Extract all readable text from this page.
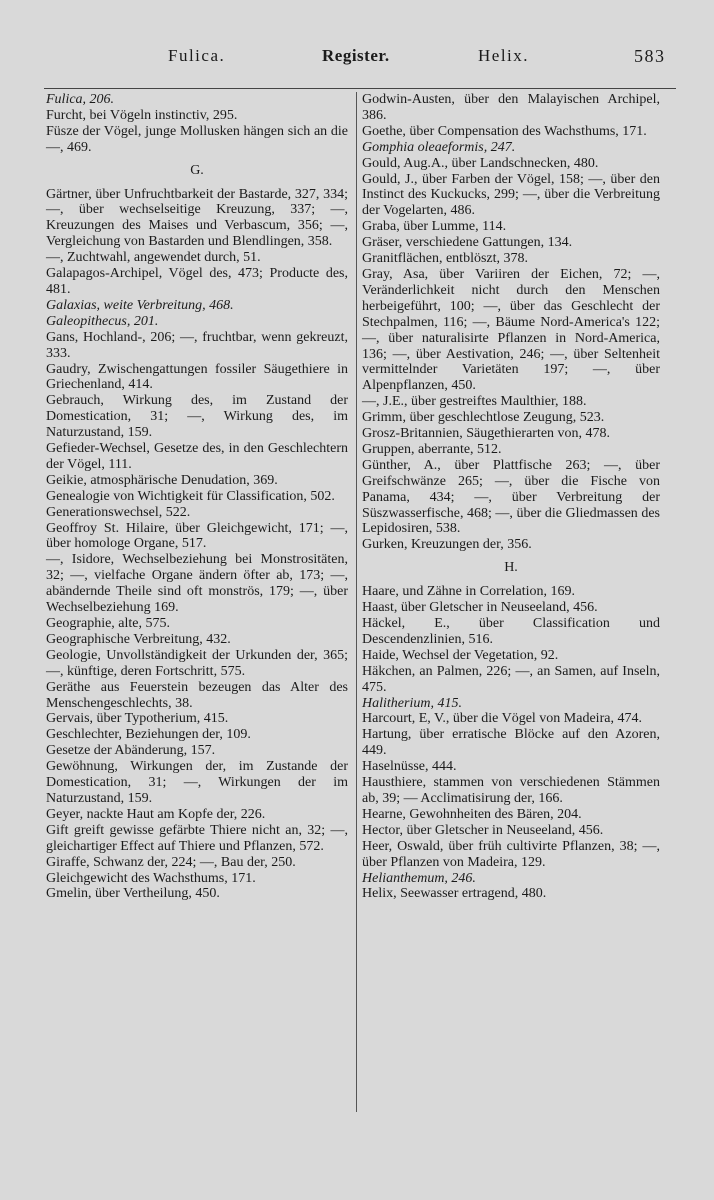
Fulica.	Register.	Helix.	583
Fulica, 206.
Furcht, bei Vögeln instinctiv, 295.
Füsze der Vögel, junge Mollusken hängen sich an die —, 469.
G.
Gärtner, über Unfruchtbarkeit der Bastarde, 327, 334; —, über wechselseitige Kreuzung, 337; —, Kreuzungen des Maises und Verbascum, 356; —, Vergleichung von Bastarden und Blendlingen, 358.
—, Zuchtwahl, angewendet durch, 51.
Galapagos-Archipel, Vögel des, 473; Producte des, 481.
Galaxias, weite Verbreitung, 468.
Galeopithecus, 201.
Gans, Hochland-, 206; —, fruchtbar, wenn gekreuzt, 333.
Gaudry, Zwischengattungen fossiler Säugethiere in Griechenland, 414.
Gebrauch, Wirkung des, im Zustand der Domestication, 31; —, Wirkung des, im Naturzustand, 159.
Gefieder-Wechsel, Gesetze des, in den Geschlechtern der Vögel, 111.
Geikie, atmosphärische Denudation, 369.
Genealogie von Wichtigkeit für Classification, 502.
Generationswechsel, 522.
Geoffroy St. Hilaire, über Gleichgewicht, 171; —, über homologe Organe, 517.
—, Isidore, Wechselbeziehung bei Monstrositäten, 32; —, vielfache Organe ändern öfter ab, 173; —, abändernde Theile sind oft monströs, 179; —, über Wechselbeziehung 169.
Geographie, alte, 575.
Geographische Verbreitung, 432.
Geologie, Unvollständigkeit der Urkunden der, 365; —, künftige, deren Fortschritt, 575.
Geräthe aus Feuerstein bezeugen das Alter des Menschengeschlechts, 38.
Gervais, über Typotherium, 415.
Geschlechter, Beziehungen der, 109.
Gesetze der Abänderung, 157.
Gewöhnung, Wirkungen der, im Zustande der Domestication, 31; —, Wirkungen der im Naturzustand, 159.
Geyer, nackte Haut am Kopfe der, 226.
Gift greift gewisse gefärbte Thiere nicht an, 32; —, gleichartiger Effect auf Thiere und Pflanzen, 572.
Giraffe, Schwanz der, 224; —, Bau der, 250.
Gleichgewicht des Wachsthums, 171.
Gmelin, über Vertheilung, 450.
Godwin-Austen, über den Malayischen Archipel, 386.
Goethe, über Compensation des Wachsthums, 171.
Gomphia oleaeformis, 247.
Gould, Aug.A., über Landschnecken, 480.
Gould, J., über Farben der Vögel, 158; —, über den Instinct des Kuckucks, 299; —, über die Verbreitung der Vogelarten, 486.
Graba, über Lumme, 114.
Gräser, verschiedene Gattungen, 134.
Granitflächen, entblöszt, 378.
Gray, Asa, über Variiren der Eichen, 72; —, Veränderlichkeit nicht durch den Menschen herbeigeführt, 100; —, über das Geschlecht der Stechpalmen, 116; —, Bäume Nord-America's 122; —, über naturalisirte Pflanzen in Nord-America, 136; —, über Aestivation, 246; —, über Seltenheit vermittelnder Varietäten 197; —, über Alpenpflanzen, 450.
—, J.E., über gestreiftes Maulthier, 188.
Grimm, über geschlechtlose Zeugung, 523.
Grosz-Britannien, Säugethierarten von, 478.
Gruppen, aberrante, 512.
Günther, A., über Plattfische 263; —, über Greifschwänze 265; —, über die Fische von Panama, 434; —, über Verbreitung der Süszwasserfische, 468; —, über die Gliedmassen des Lepidosiren, 538.
Gurken, Kreuzungen der, 356.
H.
Haare, und Zähne in Correlation, 169.
Haast, über Gletscher in Neuseeland, 456.
Häckel, E., über Classification und Descendenzlinien, 516.
Haide, Wechsel der Vegetation, 92.
Häkchen, an Palmen, 226; —, an Samen, auf Inseln, 475.
Halitherium, 415.
Harcourt, E, V., über die Vögel von Madeira, 474.
Hartung, über erratische Blöcke auf den Azoren, 449.
Haselnüsse, 444.
Hausthiere, stammen von verschiedenen Stämmen ab, 39; — Acclimatisirung der, 166.
Hearne, Gewohnheiten des Bären, 204.
Hector, über Gletscher in Neuseeland, 456.
Heer, Oswald, über früh cultivirte Pflanzen, 38; —, über Pflanzen von Madeira, 129.
Helianthemum, 246.
Helix, Seewasser ertragend, 480.
